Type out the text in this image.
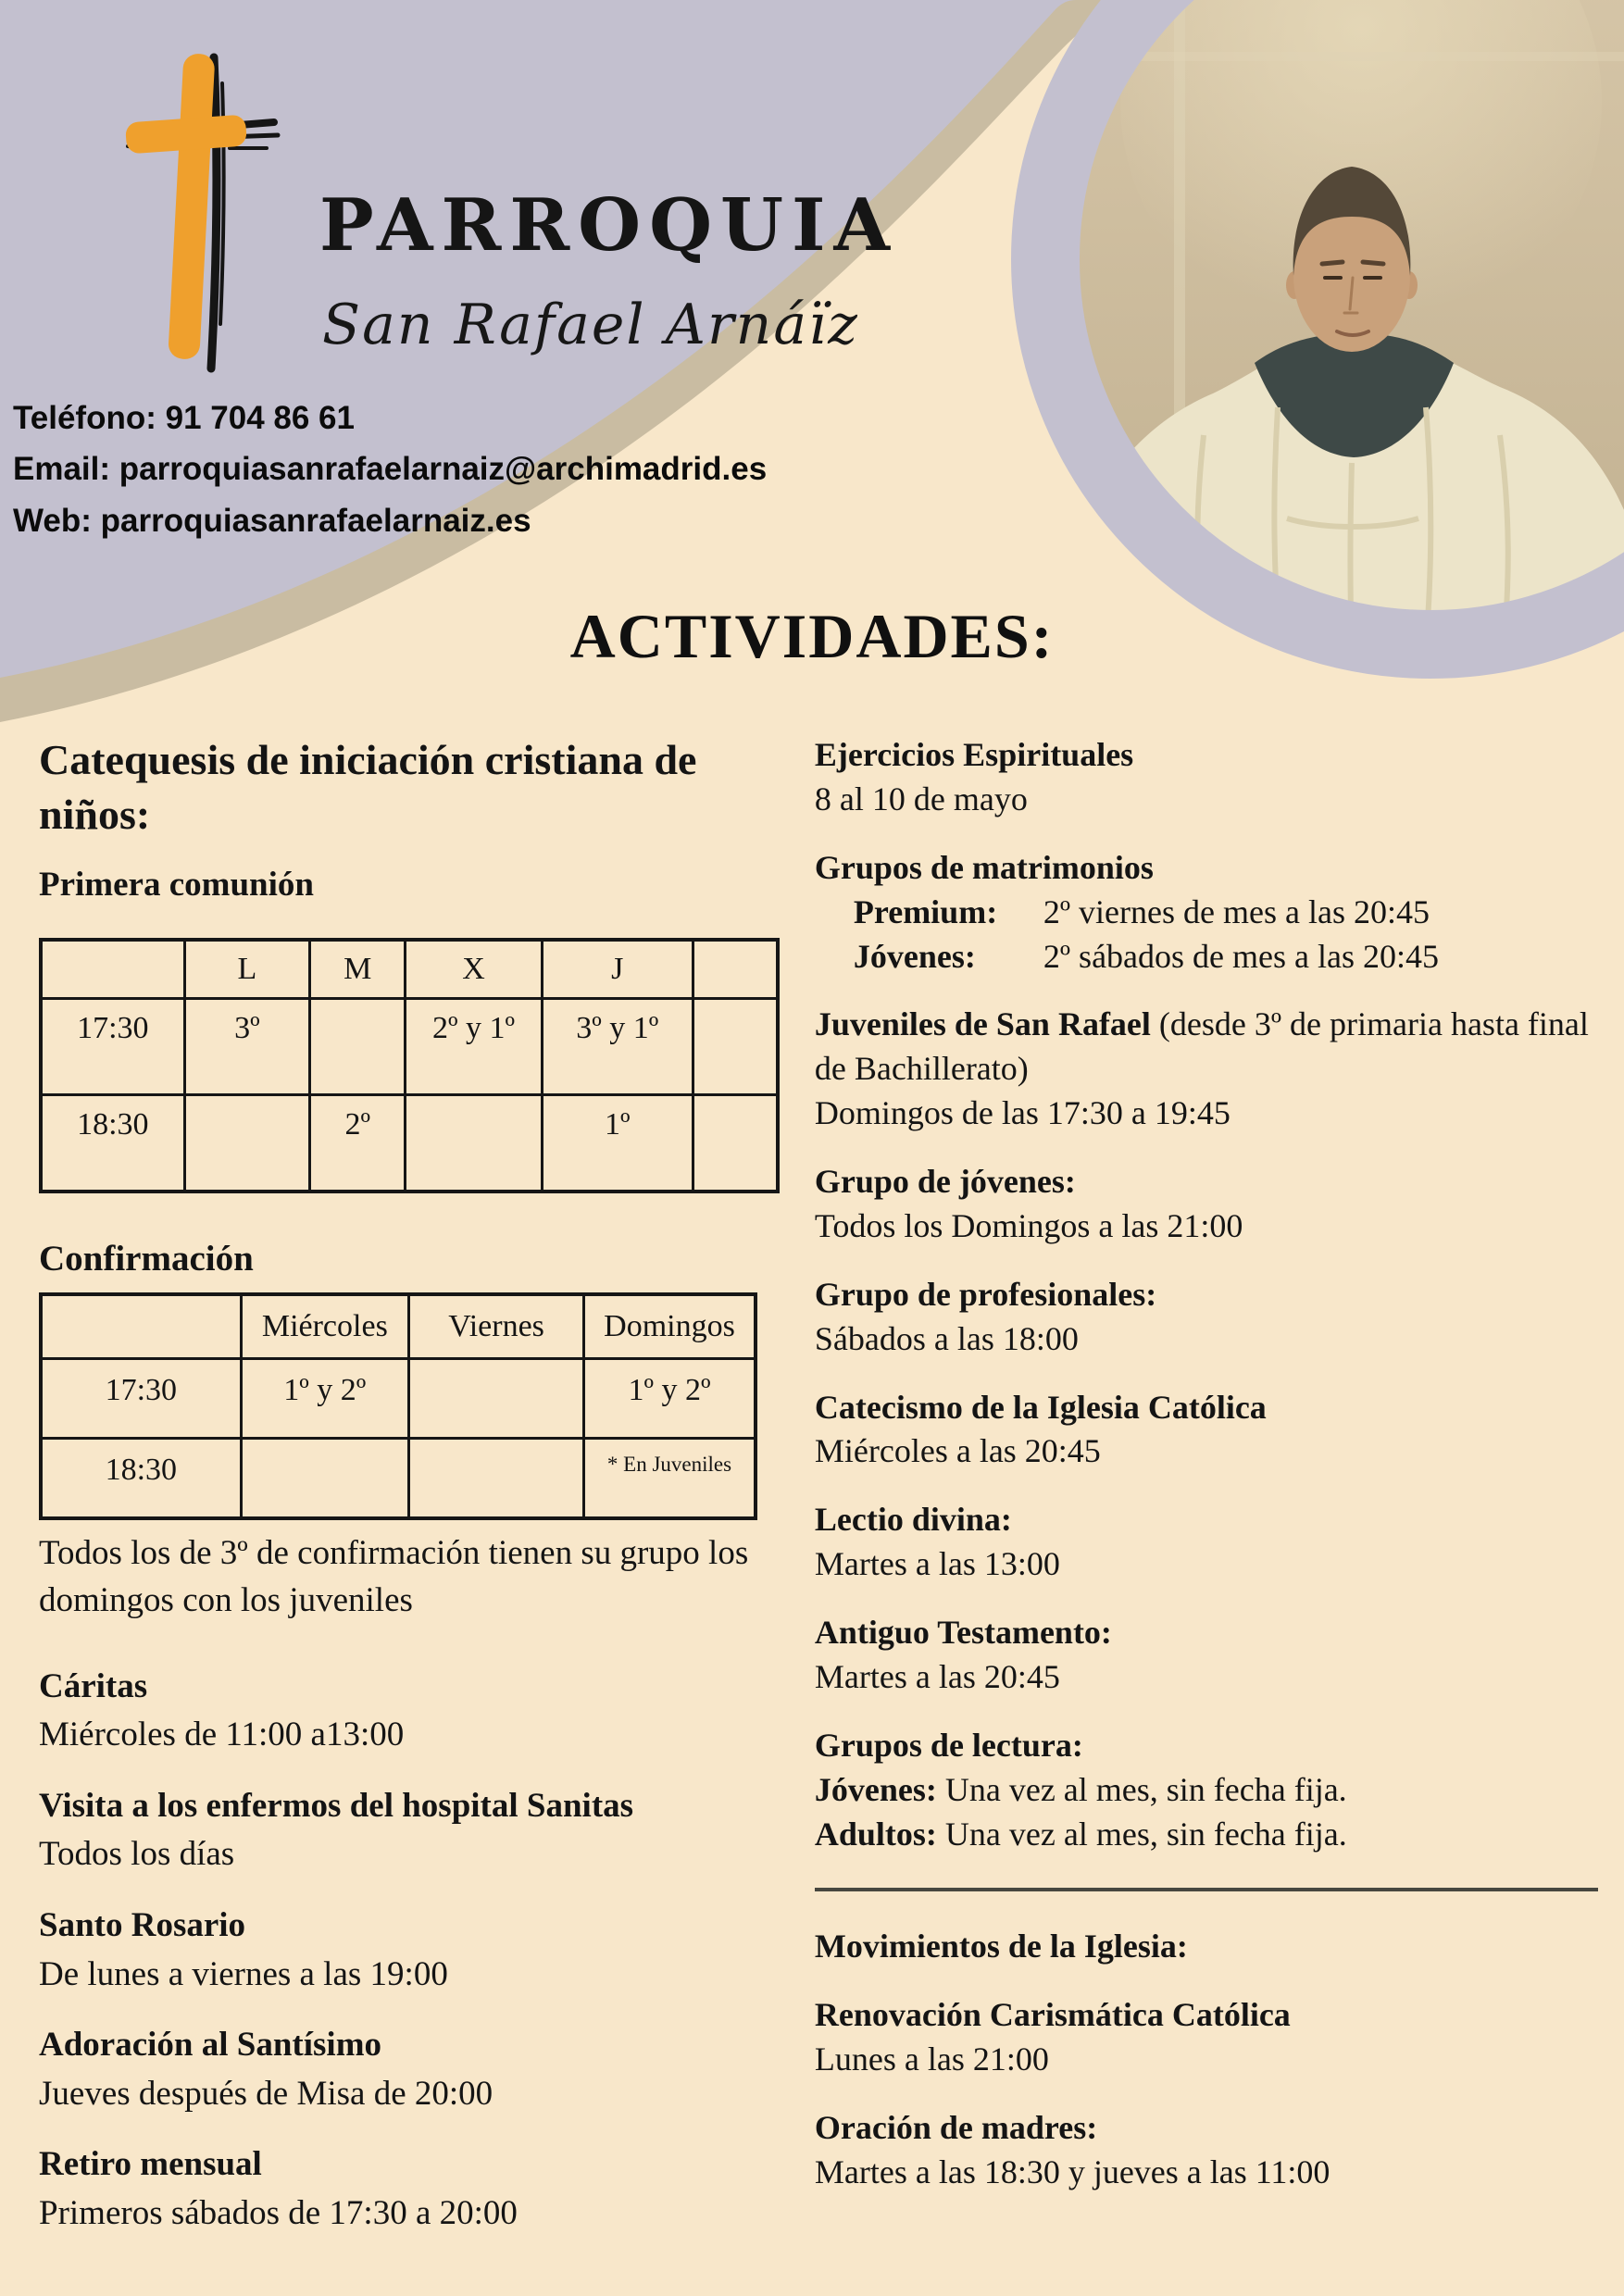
PARROQUIA
San Rafael Arnáïz
Teléfono: 91 704 86 61
Email: parroquiasanrafaelarnaiz@archimadrid.es
Web: parroquiasanrafaelarnaiz.es
ACTIVIDADES:
Catequesis de iniciación cristiana de niños:
Primera comunión
	L	M	X	J	
17:30	3º		2º y 1º	3º y 1º	
18:30		2º		1º	
Confirmación
	Miércoles	Viernes	Domingos
17:30	1º y 2º		1º y 2º
18:30			* En Juveniles
Todos los de 3º de confirmación tienen su grupo los domingos con los juveniles
Cáritas
Miércoles de 11:00 a13:00
Visita a los enfermos del hospital Sanitas
Todos los días
Santo Rosario
De lunes a viernes a las 19:00
Adoración al Santísimo
Jueves después de Misa de 20:00
Retiro mensual
Primeros sábados de 17:30 a 20:00
Ejercicios Espirituales
8 al 10 de mayo
Grupos de matrimonios
Premium: 2º viernes de mes a las 20:45
Jóvenes: 2º sábados de mes a las 20:45
Juveniles de San Rafael (desde 3º de primaria hasta final de Bachillerato)
Domingos de las 17:30 a 19:45
Grupo de jóvenes:
Todos los Domingos a las 21:00
Grupo de profesionales:
Sábados a las 18:00
Catecismo de la Iglesia Católica
Miércoles a las 20:45
Lectio divina:
Martes a las 13:00
Antiguo Testamento:
Martes a las 20:45
Grupos de lectura:
Jóvenes: Una vez al mes, sin fecha fija.
Adultos: Una vez al mes, sin fecha fija.
Movimientos de la Iglesia:
Renovación Carismática Católica
Lunes a las 21:00
Oración de madres:
Martes a las 18:30 y jueves a las 11:00
